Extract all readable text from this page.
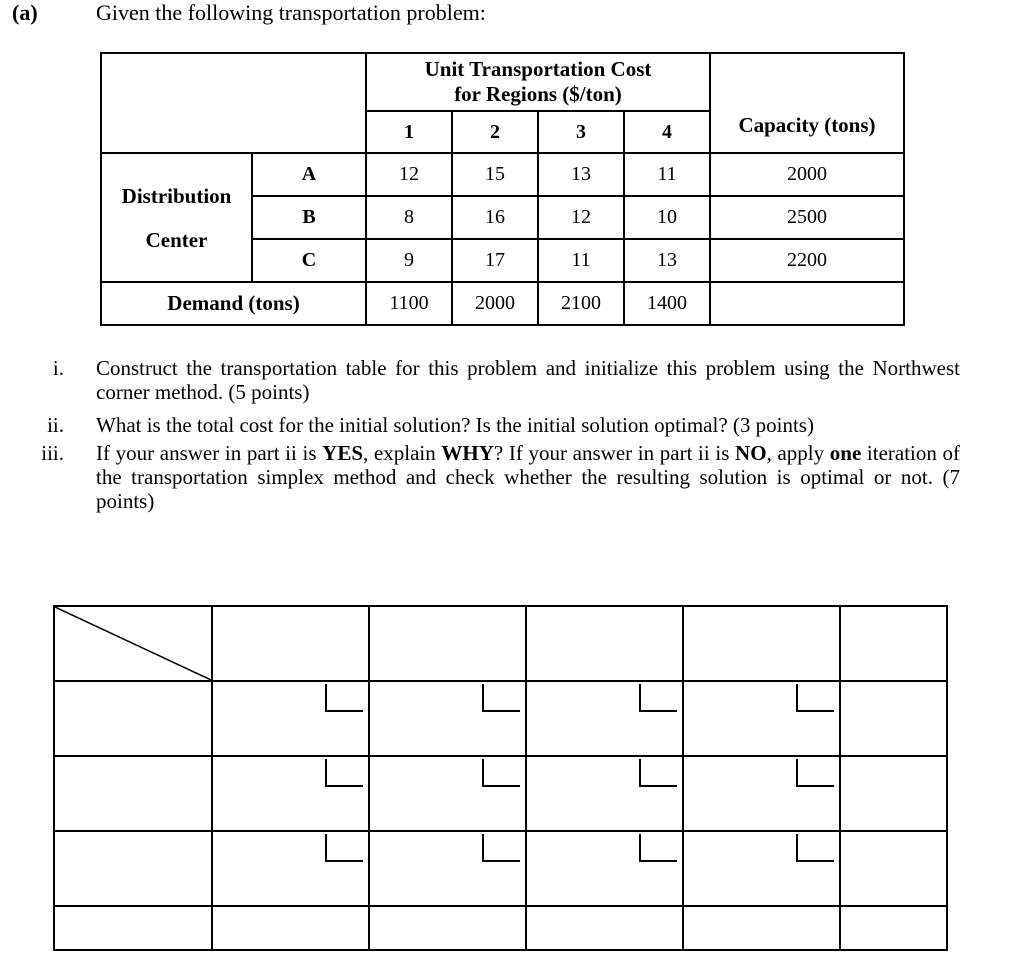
(a)	Given the following transportation problem:

		Unit Transportation Cost
for Regions ($/ton)				Capacity (tons)
		1	2	3	4	

Distribution
Center	A	12	15	13	11	2000
	B	8	16	12	10	2500
	C	9	17	11	13	2200
Demand (tons)		1100	2000	2100	1400	
i. Construct the transportation table for this problem and initialize this problem using the Northwest corner method. (5 points)
ii. What is the total cost for the initial solution? Is the initial solution optimal? (3 points)
iii. If your answer in part ii is YES, explain WHY? If your answer in part ii is NO, apply one iteration of the transportation simplex method and check whether the resulting solution is optimal or not. (7 points)
